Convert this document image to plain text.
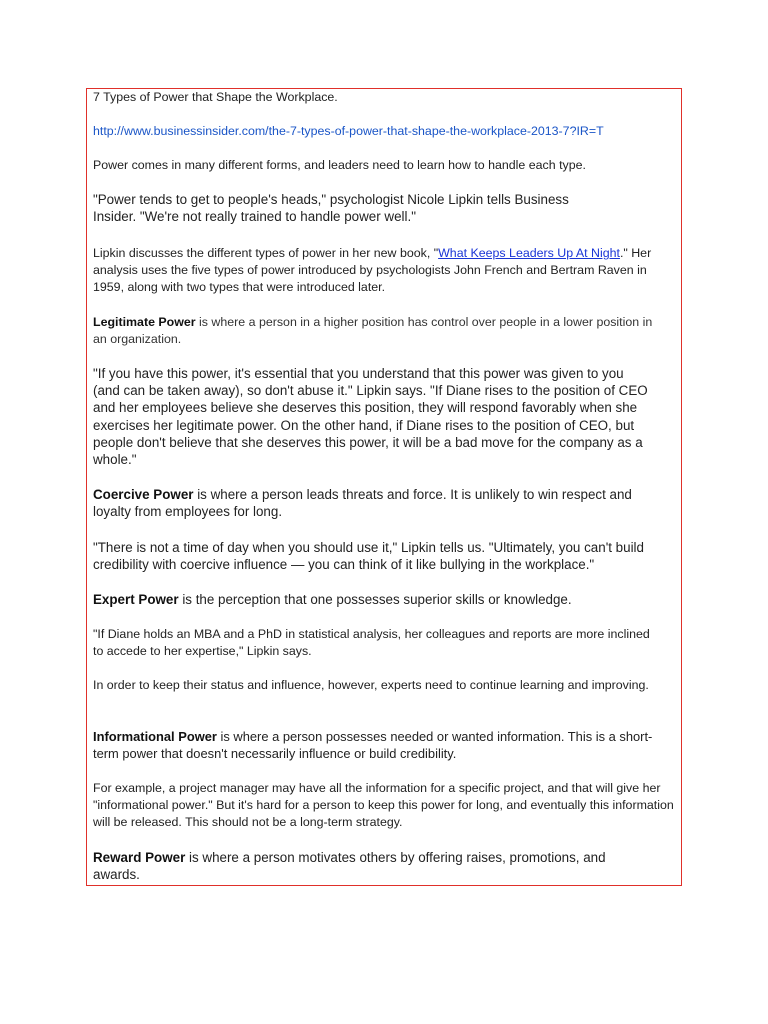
7 Types of Power that Shape the Workplace.

http://www.businessinsider.com/the-7-types-of-power-that-shape-the-workplace-2013-7?IR=T

Power comes in many different forms, and leaders need to learn how to handle each type.

"Power tends to get to people's heads," psychologist Nicole Lipkin tells Business Insider. "We're not really trained to handle power well."

Lipkin discusses the different types of power in her new book, "What Keeps Leaders Up At Night." Her analysis uses the five types of power introduced by psychologists John French and Bertram Raven in 1959, along with two types that were introduced later.

Legitimate Power is where a person in a higher position has control over people in a lower position in an organization.

"If you have this power, it's essential that you understand that this power was given to you (and can be taken away), so don't abuse it." Lipkin says. "If Diane rises to the position of CEO and her employees believe she deserves this position, they will respond favorably when she exercises her legitimate power. On the other hand, if Diane rises to the position of CEO, but people don't believe that she deserves this power, it will be a bad move for the company as a whole."

Coercive Power is where a person leads threats and force. It is unlikely to win respect and loyalty from employees for long.

"There is not a time of day when you should use it," Lipkin tells us. "Ultimately, you can't build credibility with coercive influence — you can think of it like bullying in the workplace."

Expert Power is the perception that one possesses superior skills or knowledge.

"If Diane holds an MBA and a PhD in statistical analysis, her colleagues and reports are more inclined to accede to her expertise," Lipkin says.

In order to keep their status and influence, however, experts need to continue learning and improving.

Informational Power is where a person possesses needed or wanted information. This is a short-term power that doesn't necessarily influence or build credibility.

For example, a project manager may have all the information for a specific project, and that will give her "informational power." But it's hard for a person to keep this power for long, and eventually this information will be released. This should not be a long-term strategy.

Reward Power is where a person motivates others by offering raises, promotions, and awards.
